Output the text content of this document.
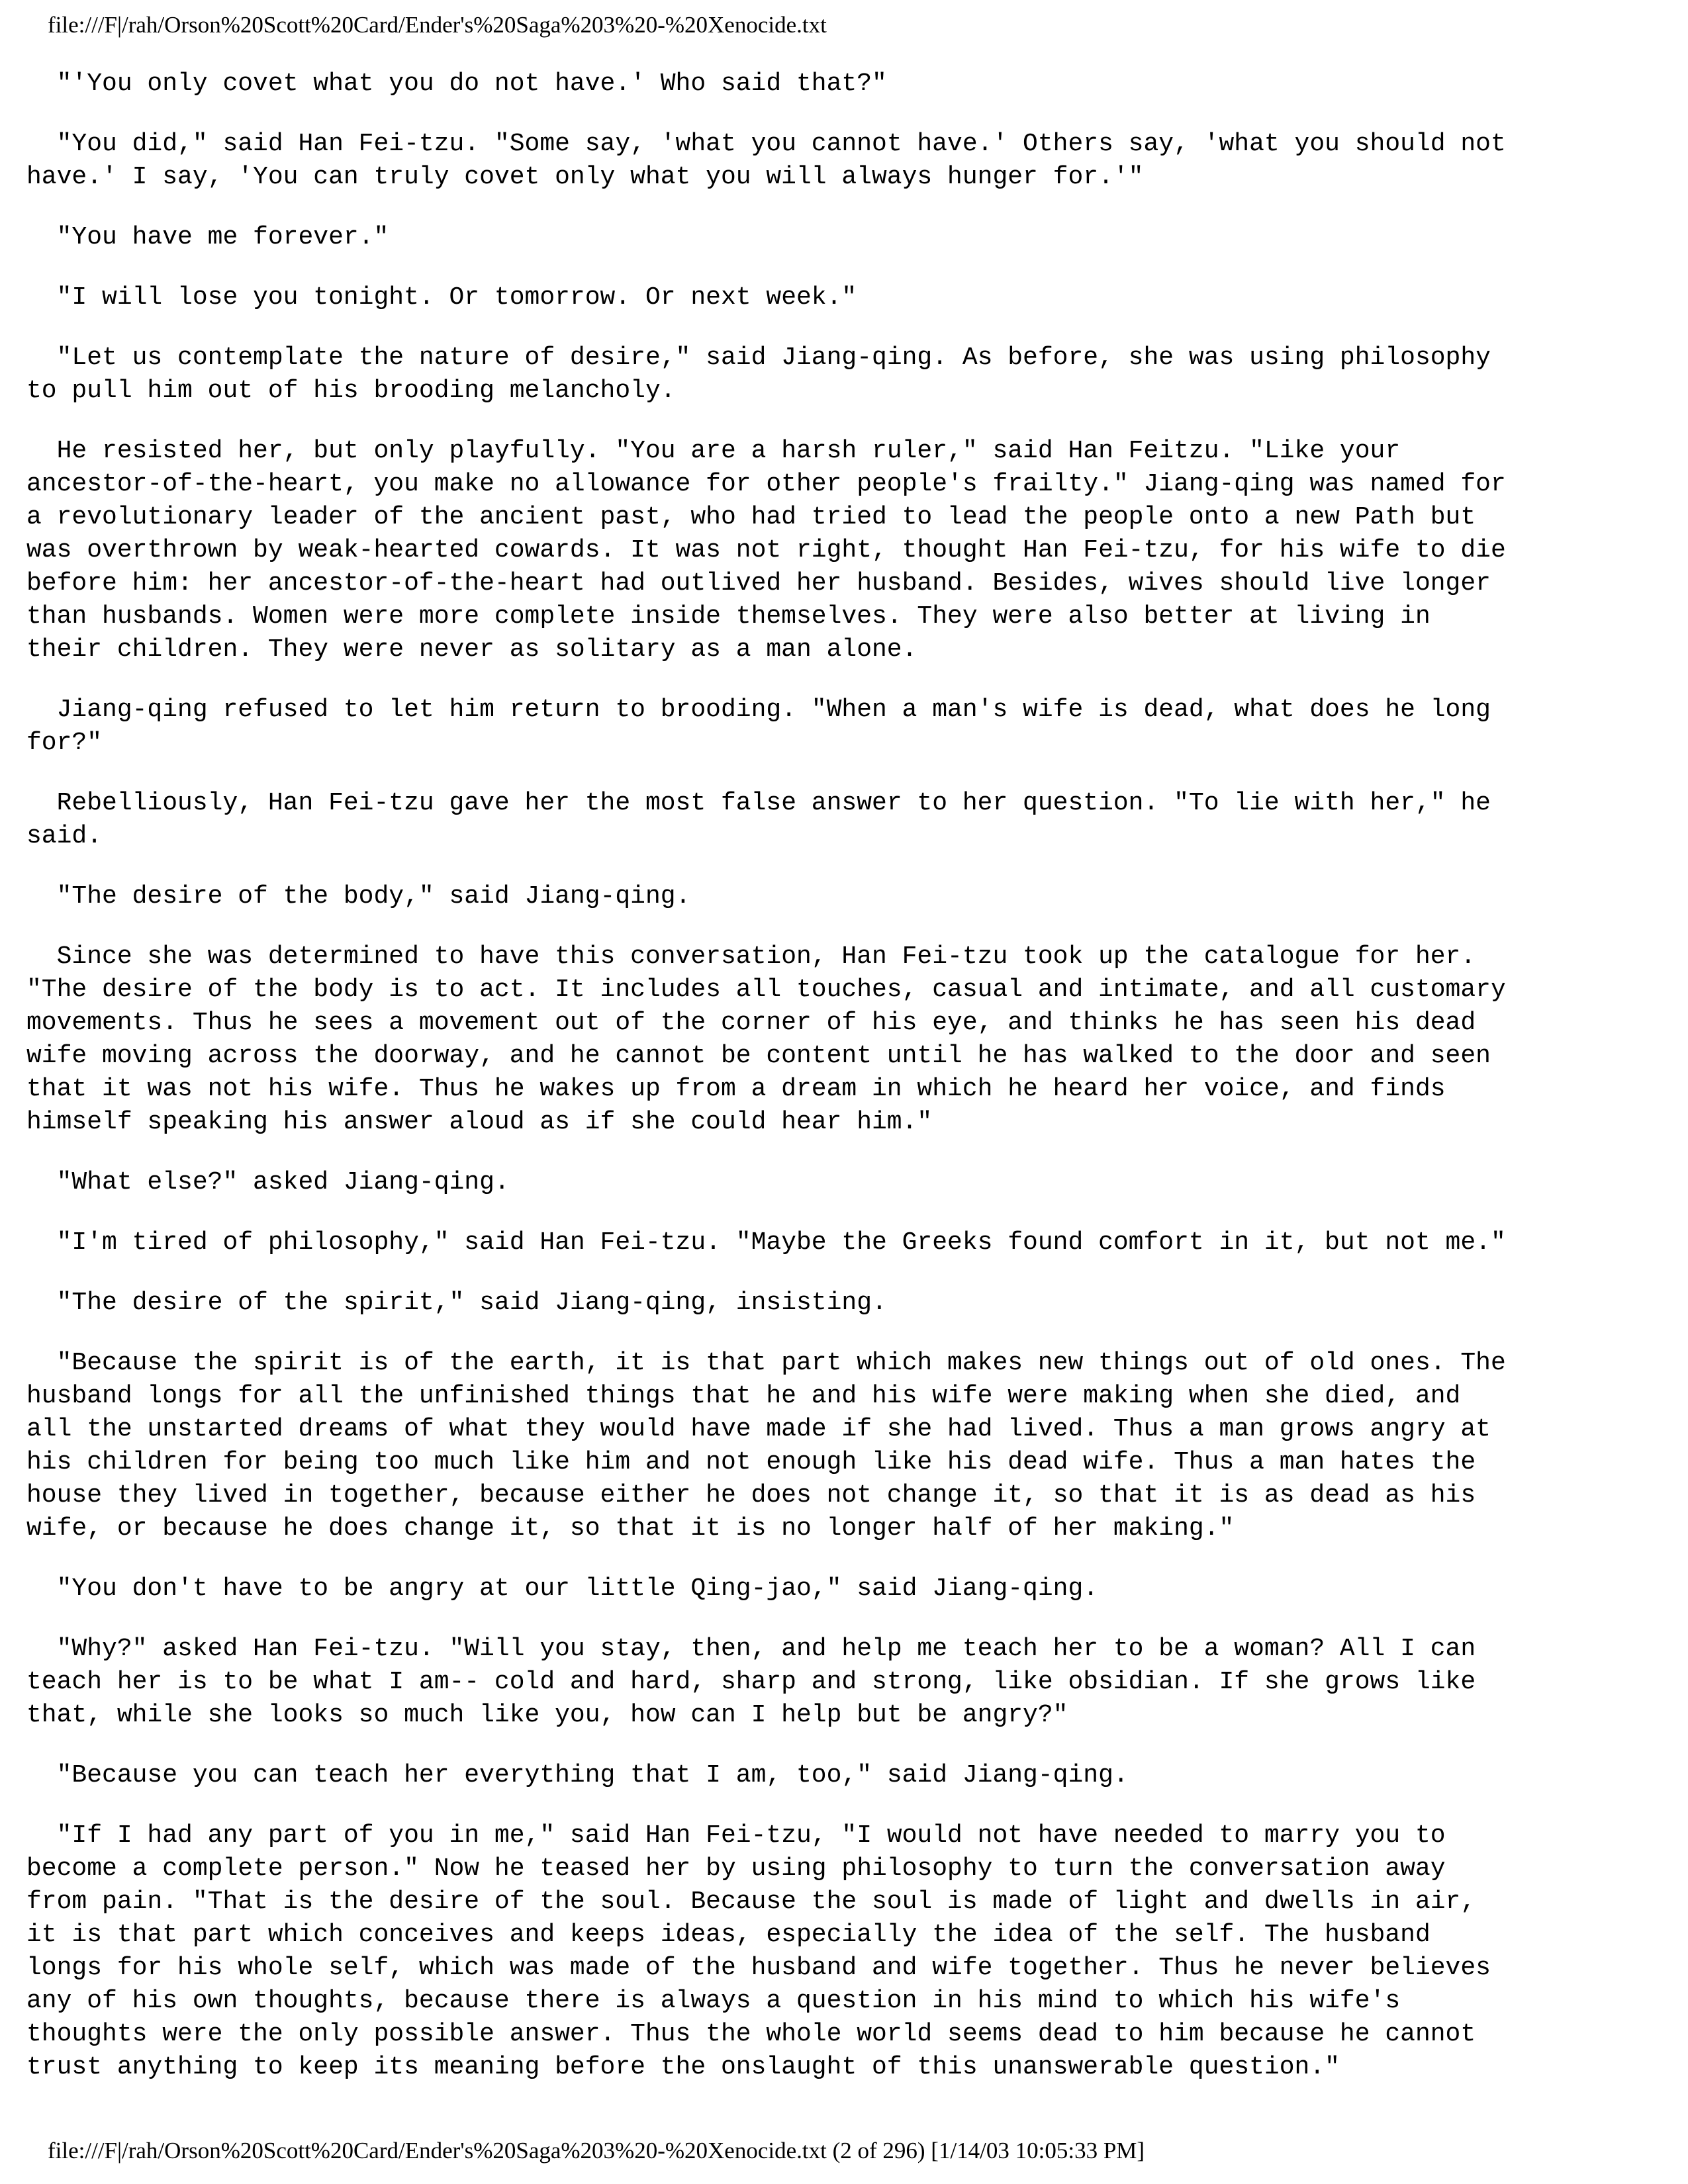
file:///F|/rah/Orson%20Scott%20Card/Ender's%20Saga%203%20-%20Xenocide.txt

"'You only covet what you do not have.' Who said that?"

"You did," said Han Fei-tzu. "Some say, 'what you cannot have.' Others say, 'what you should not
have.' I say, 'You can truly covet only what you will always hunger for.'"

"You have me forever."

"I will lose you tonight. Or tomorrow. Or next week."

"Let us contemplate the nature of desire," said Jiang-qing. As before, she was using philosophy
to pull him out of his brooding melancholy.

He resisted her, but only playfully. "You are a harsh ruler," said Han Feitzu. "Like your
ancestor-of-the-heart, you make no allowance for other people's frailty." Jiang-qing was named for
a revolutionary leader of the ancient past, who had tried to lead the people onto a new Path but
was overthrown by weak-hearted cowards. It was not right, thought Han Fei-tzu, for his wife to die
before him: her ancestor-of-the-heart had outlived her husband. Besides, wives should live longer
than husbands. Women were more complete inside themselves. They were also better at living in
their children. They were never as solitary as a man alone.

Jiang-qing refused to let him return to brooding. "When a man's wife is dead, what does he long
for?"

Rebelliously, Han Fei-tzu gave her the most false answer to her question. "To lie with her," he
said.

"The desire of the body," said Jiang-qing.

Since she was determined to have this conversation, Han Fei-tzu took up the catalogue for her.
"The desire of the body is to act. It includes all touches, casual and intimate, and all customary
movements. Thus he sees a movement out of the corner of his eye, and thinks he has seen his dead
wife moving across the doorway, and he cannot be content until he has walked to the door and seen
that it was not his wife. Thus he wakes up from a dream in which he heard her voice, and finds
himself speaking his answer aloud as if she could hear him."

"What else?" asked Jiang-qing.

"I'm tired of philosophy," said Han Fei-tzu. "Maybe the Greeks found comfort in it, but not me."

"The desire of the spirit," said Jiang-qing, insisting.

"Because the spirit is of the earth, it is that part which makes new things out of old ones. The
husband longs for all the unfinished things that he and his wife were making when she died, and
all the unstarted dreams of what they would have made if she had lived. Thus a man grows angry at
his children for being too much like him and not enough like his dead wife. Thus a man hates the
house they lived in together, because either he does not change it, so that it is as dead as his
wife, or because he does change it, so that it is no longer half of her making."

"You don't have to be angry at our little Qing-jao," said Jiang-qing.

"Why?" asked Han Fei-tzu. "Will you stay, then, and help me teach her to be a woman? All I can
teach her is to be what I am-- cold and hard, sharp and strong, like obsidian. If she grows like
that, while she looks so much like you, how can I help but be angry?"

"Because you can teach her everything that I am, too," said Jiang-qing.

"If I had any part of you in me," said Han Fei-tzu, "I would not have needed to marry you to
become a complete person." Now he teased her by using philosophy to turn the conversation away
from pain. "That is the desire of the soul. Because the soul is made of light and dwells in air,
it is that part which conceives and keeps ideas, especially the idea of the self. The husband
longs for his whole self, which was made of the husband and wife together. Thus he never believes
any of his own thoughts, because there is always a question in his mind to which his wife's
thoughts were the only possible answer. Thus the whole world seems dead to him because he cannot
trust anything to keep its meaning before the onslaught of this unanswerable question."

file:///F|/rah/Orson%20Scott%20Card/Ender's%20Saga%203%20-%20Xenocide.txt (2 of 296) [1/14/03 10:05:33 PM]
